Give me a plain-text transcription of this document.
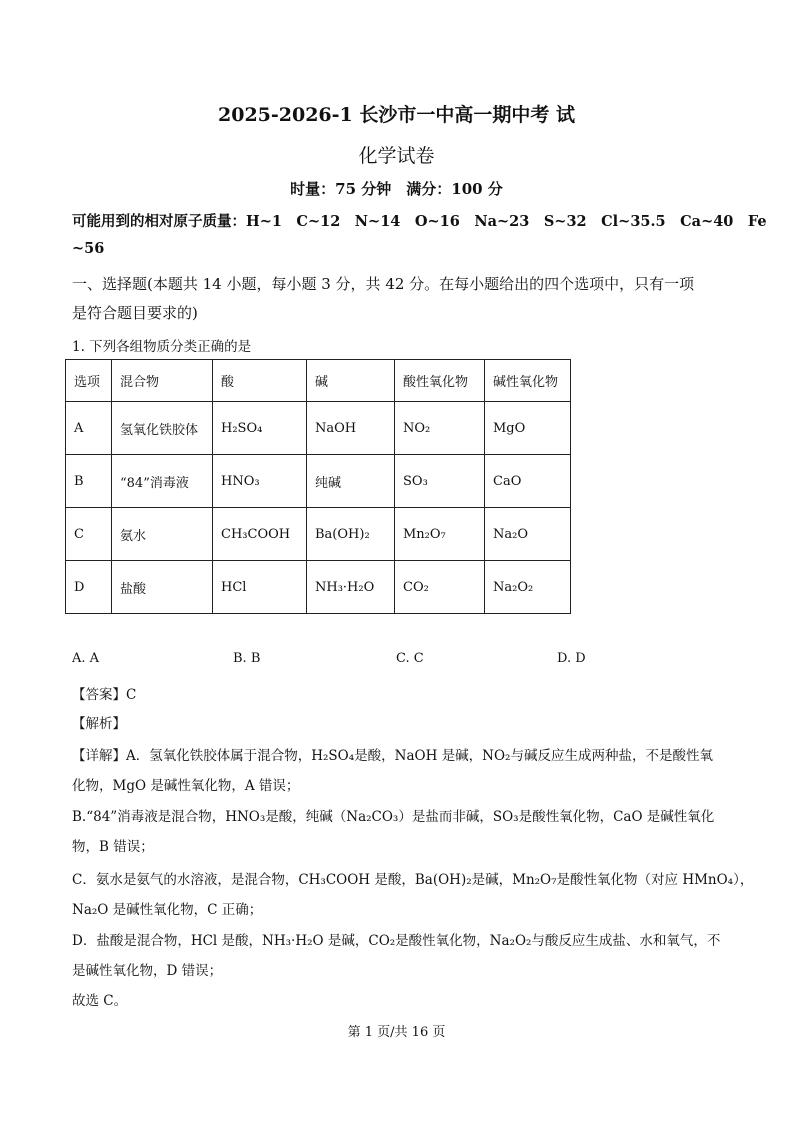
2025-2026-1 长沙市一中高一期中考 试
化学试卷
时量：75 分钟　满分：100 分
可能用到的相对原子质量：H~1　C~12　N~14　O~16　Na~23　S~32　Cl~35.5　Ca~40　Fe
~56
一、选择题(本题共 14 小题，每小题 3 分，共 42 分。在每小题给出的四个选项中，只有一项
是符合题目要求的)
1. 下列各组物质分类正确的是
选项	混合物	酸	碱	酸性氧化物	碱性氧化物
A	氢氧化铁胶体	H₂SO₄	NaOH	NO₂	MgO
B	“84”消毒液	HNO₃	纯碱	SO₃	CaO
C	氨水	CH₃COOH	Ba(OH)₂	Mn₂O₇	Na₂O
D	盐酸	HCl	NH₃·H₂O	CO₂	Na₂O₂
A. A	B. B	C. C	D. D
【答案】C
【解析】
【详解】A．氢氧化铁胶体属于混合物，H₂SO₄是酸，NaOH 是碱，NO₂与碱反应生成两种盐，不是酸性氧
化物，MgO 是碱性氧化物，A 错误；
B.“84”消毒液是混合物，HNO₃是酸，纯碱（Na₂CO₃）是盐而非碱，SO₃是酸性氧化物，CaO 是碱性氧化
物，B 错误；
C．氨水是氨气的水溶液，是混合物，CH₃COOH 是酸，Ba(OH)₂是碱，Mn₂O₇是酸性氧化物（对应 HMnO₄），
Na₂O 是碱性氧化物，C 正确；
D．盐酸是混合物，HCl 是酸，NH₃·H₂O 是碱，CO₂是酸性氧化物，Na₂O₂与酸反应生成盐、水和氧气，不
是碱性氧化物，D 错误；
故选 C。
第 1 页/共 16 页
